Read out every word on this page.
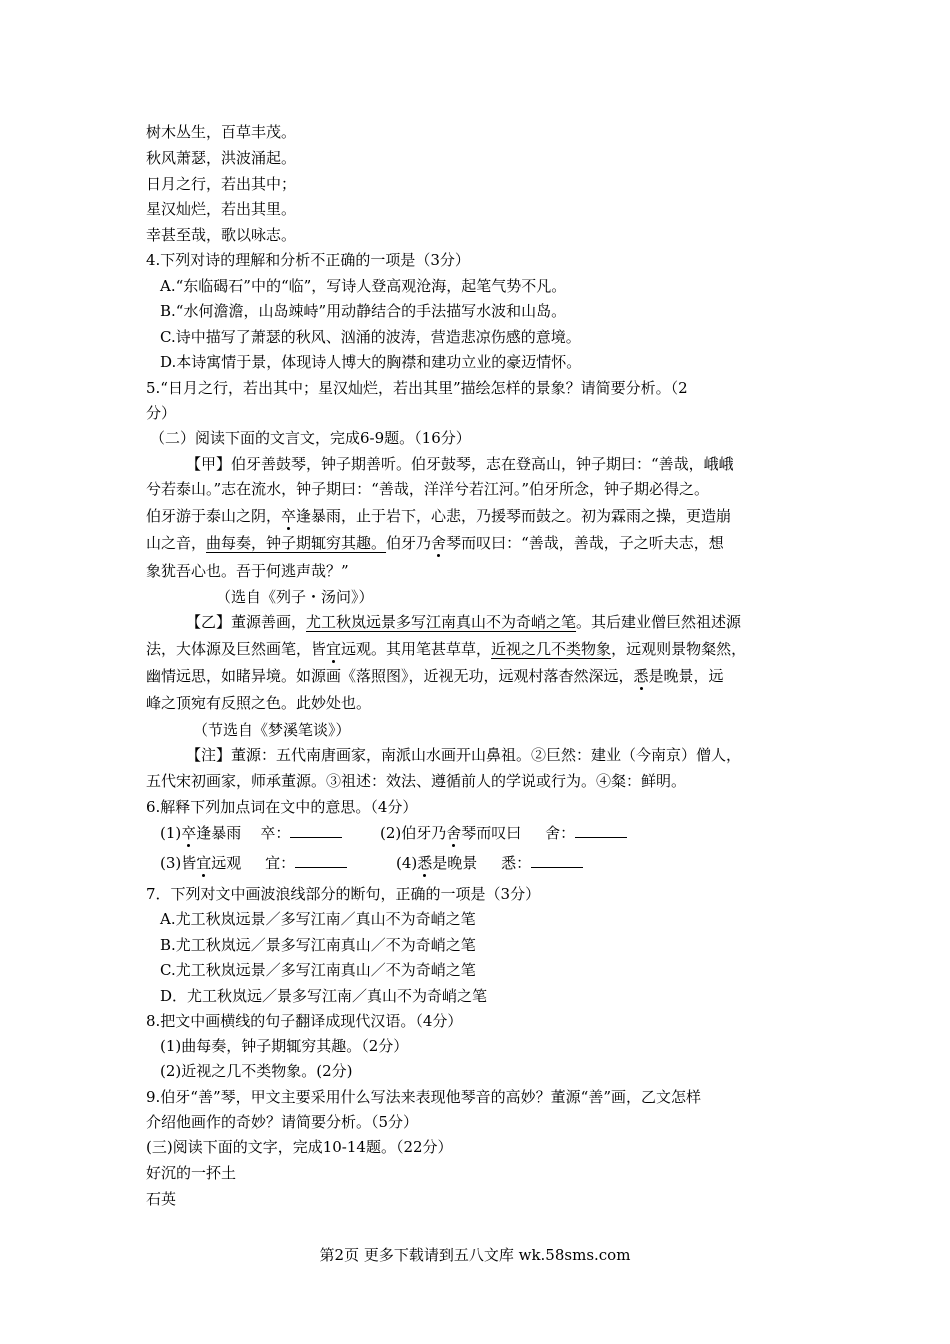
树木丛生，百草丰茂。
秋风萧瑟，洪波涌起。
日月之行，若出其中；
星汉灿烂，若出其里。
幸甚至哉，歌以咏志。
4.下列对诗的理解和分析不正确的一项是（3分）
A.“东临碣石”中的“临”，写诗人登高观沧海，起笔气势不凡。
B.“水何澹澹，山岛竦峙”用动静结合的手法描写水波和山岛。
C.诗中描写了萧瑟的秋风、汹涌的波涛，营造悲凉伤感的意境。
D.本诗寓情于景，体现诗人博大的胸襟和建功立业的豪迈情怀。
5.“日月之行，若出其中；星汉灿烂，若出其里”描绘怎样的景象？请简要分析。（2
分）
（二）阅读下面的文言文，完成6-9题。（16分）
【甲】伯牙善鼓琴，钟子期善听。伯牙鼓琴，志在登高山，钟子期曰：“善哉，峨峨
兮若泰山。”志在流水，钟子期曰：“善哉，洋洋兮若江河。”伯牙所念，钟子期必得之。
伯牙游于泰山之阴，卒逢暴雨，止于岩下，心悲，乃援琴而鼓之。初为霖雨之操，更造崩
山之音，曲每奏，钟子期辄穷其趣。伯牙乃舍琴而叹曰：“善哉，善哉，子之听夫志，想
象犹吾心也。吾于何逃声哉？”
（选自《列子・汤问》）
【乙】董源善画，尤工秋岚远景多写江南真山不为奇峭之笔。其后建业僧巨然祖述源
法，大体源及巨然画笔，皆宜远观。其用笔甚草草，近视之几不类物象，远观则景物粲然，
幽情远思，如睹异境。如源画《落照图》，近视无功，远观村落杳然深远，悉是晚景，远
峰之顶宛有反照之色。此妙处也。
（节选自《梦溪笔谈》）
【注】董源：五代南唐画家，南派山水画开山鼻祖。②巨然：建业（今南京）僧人，
五代宋初画家，师承董源。③祖述：效法、遵循前人的学说或行为。④粲：鲜明。
6.解释下列加点词在文中的意思。（4分）
(1)卒逢暴雨 卒：	(2)伯牙乃舍琴而叹曰 舍：
(3)皆宜远观 宜：	(4)悉是晚景 悉：
7．下列对文中画波浪线部分的断句，正确的一项是（3分）
A.尤工秋岚远景／多写江南／真山不为奇峭之笔
B.尤工秋岚远／景多写江南真山／不为奇峭之笔
C.尤工秋岚远景／多写江南真山／不为奇峭之笔
D．尤工秋岚远／景多写江南／真山不为奇峭之笔
8.把文中画横线的句子翻译成现代汉语。（4分）
(1)曲每奏，钟子期辄穷其趣。（2分）
(2)近视之几不类物象。(2分)
9.伯牙“善”琴，甲文主要采用什么写法来表现他琴音的高妙？董源“善”画，乙文怎样
介绍他画作的奇妙？请简要分析。（5分）
(三)阅读下面的文字，完成10-14题。（22分）
好沉的一抔土
石英
第2页 更多下载请到五八文库 wk.58sms.com
